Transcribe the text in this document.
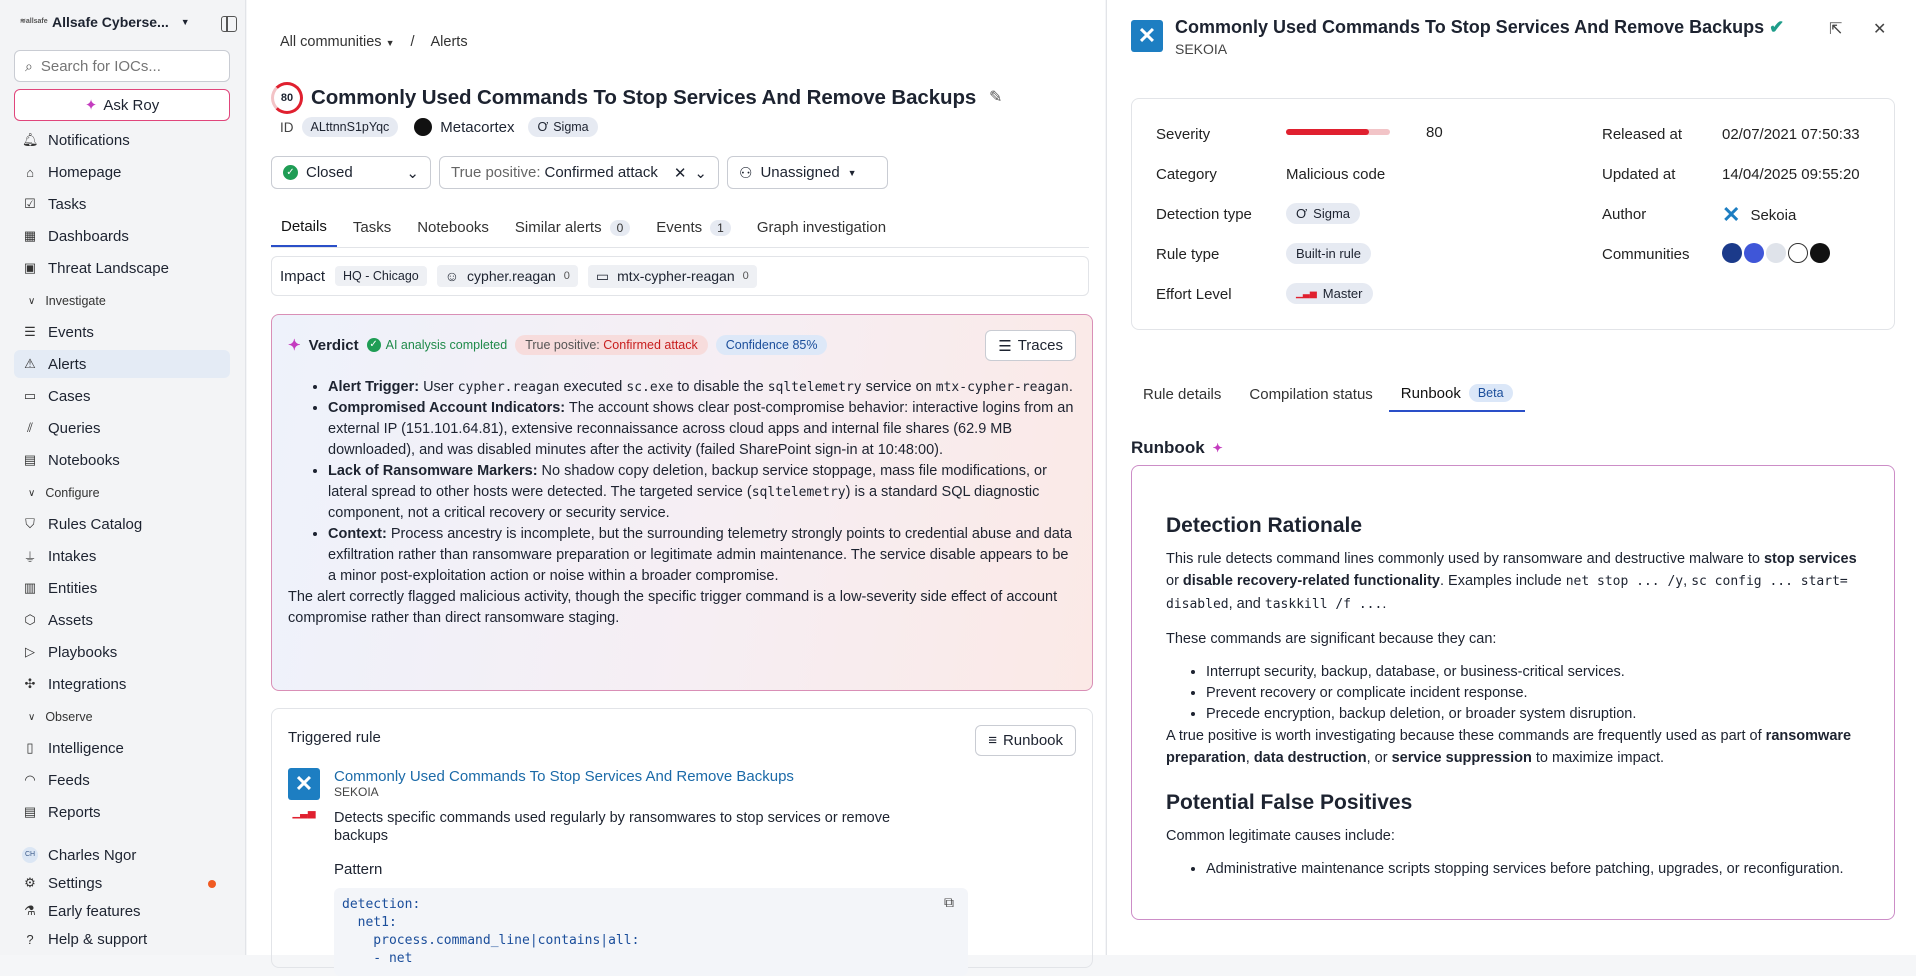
≋allsafe Allsafe Cyberse... ▼
⌕
Search for IOCs...
✦ Ask Roy
🔔︎ Notifications
⌂ Homepage
☑ Tasks
▦ Dashboards
▣ Threat Landscape
∨ Investigate
☰ Events
⚠︎ Alerts
▭ Cases
⫽	Queries
▤ Notebooks
∨ Configure
⛉ Rules Catalog
⏚ Intakes
▥ Entities
⬡ Assets
▷ Playbooks
✣ Integrations
∨ Observe
▯ Intelligence
◠ Feeds
▤ Reports
CH Charles Ngor
⚙ Settings
⚗ Early features
? Help & support
All communities ▼ / Alerts
80 Commonly Used Commands To Stop Services And Remove Backups ✎
ID	ALttnnS1pYqc	Metacortex Ơ Sigma
✓ Closed	⌄ True positive: Confirmed attack ✕ ⌄ ⚇ Unassigned ▼
Details Tasks Notebooks Similar alerts	0	Events	1	Graph investigation
Impact HQ - Chicago ☺ cypher.reagan 0 ▭ mtx-cypher-reagan 0
✦ Verdict ✓ AI analysis completed	True positive: Confirmed attack	Confidence 85%	☰ Traces
• Alert Trigger: User cypher.reagan executed sc.exe to disable the sqltelemetry service on mtx-cypher-reagan.
• Compromised Account Indicators: The account shows clear post-compromise behavior: interactive logins from an external IP (151.101.64.81), extensive reconnaissance across cloud apps and internal file shares (62.9 MB downloaded), and was disabled minutes after the activity (failed SharePoint sign-in at 10:48:00).
• Lack of Ransomware Markers: No shadow copy deletion, backup service stoppage, mass file modifications, or lateral spread to other hosts were detected. The targeted service (sqltelemetry) is a standard SQL diagnostic component, not a critical recovery or security service.
• Context: Process ancestry is incomplete, but the surrounding telemetry strongly points to credential abuse and data exfiltration rather than ransomware preparation or legitimate admin maintenance. The service disable appears to be a minor post-exploitation action or noise within a broader compromise.

The alert correctly flagged malicious activity, though the specific trigger command is a low-severity side effect of account compromise rather than direct ransomware staging.

Triggered rule	≡ Runbook
✕
▁▃▅
Commonly Used Commands To Stop Services And Remove Backups
SEKOIA
Detects specific commands used regularly by ransomwares to stop services or remove backups
Pattern
detection:
net1:
process.command_line|contains|all:
- net
⧉
✕	Commonly Used Commands To Stop Services And Remove Backups ✔
SEKOIA
⇱ ✕
Severity	80
Category	Malicious code
Detection type	Ơ Sigma
Rule type	Built-in rule
Effort Level	▁▃▅ Master
Released at	02/07/2021 07:50:33
Updated at	14/04/2025 09:55:20
Author	✕ Sekoia
Communities
Rule details Compilation status Runbook	Beta
Runbook ✦
Detection Rationale

This rule detects command lines commonly used by ransomware and destructive malware to stop services or disable recovery-related functionality. Examples include net stop ... /y, sc config ... start= disabled, and taskkill /f ....

These commands are significant because they can:

• Interrupt security, backup, database, or business-critical services.
• Prevent recovery or complicate incident response.
• Precede encryption, backup deletion, or broader system disruption.

A true positive is worth investigating because these commands are frequently used as part of ransomware preparation, data destruction, or service suppression to maximize impact.

Potential False Positives

Common legitimate causes include:

• Administrative maintenance scripts stopping services before patching, upgrades, or reconfiguration.
